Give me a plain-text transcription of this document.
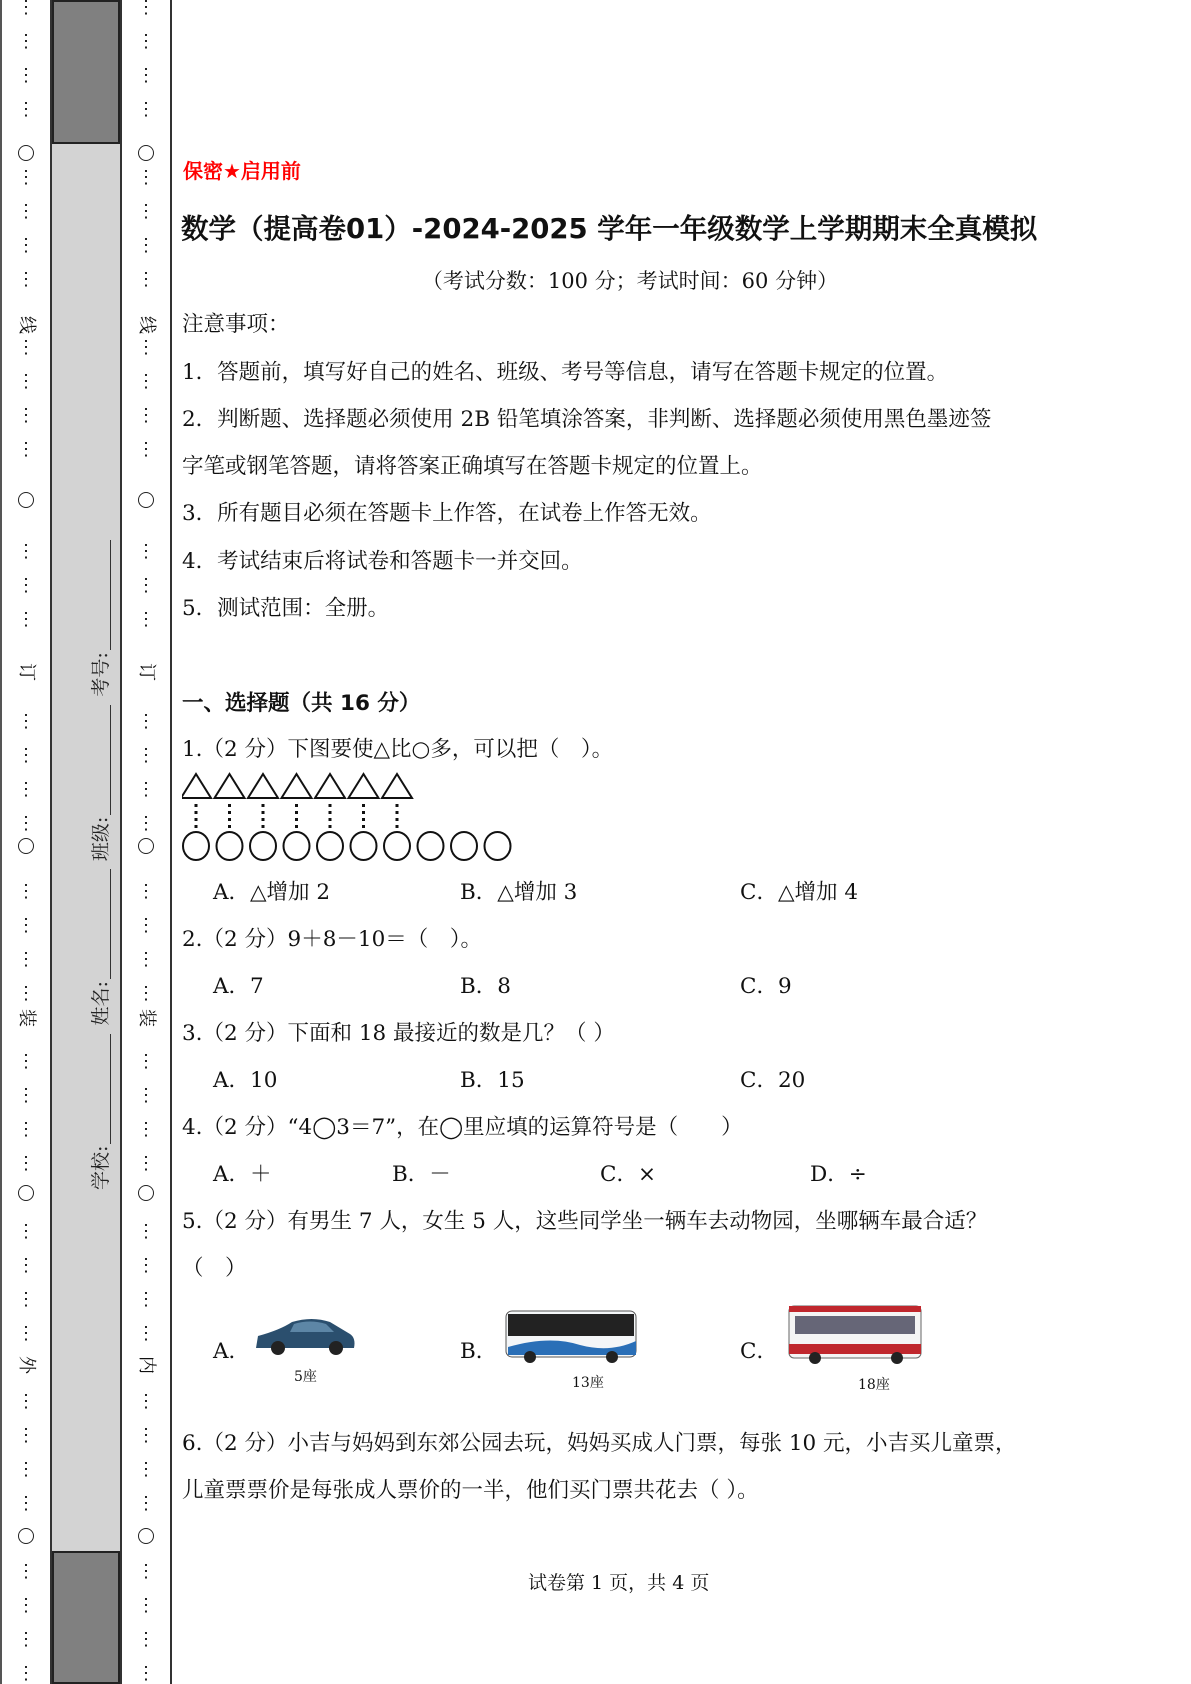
⋮
⋮
⋮
⋮
⋮
⋮
⋮
⋮
⋮
⋮
⋮
⋮
⋮
⋮
⋮
⋮
⋮
⋮
⋮
⋮
⋮
⋮
⋮
⋮
⋮
⋮
⋮
⋮
⋮
⋮
⋮
⋮
⋮
⋮
⋮
⋮
⋮
⋮
⋮
线
订
装
外
⋮
⋮
⋮
⋮
⋮
⋮
⋮
⋮
⋮
⋮
⋮
⋮
⋮
⋮
⋮
⋮
⋮
⋮
⋮
⋮
⋮
⋮
⋮
⋮
⋮
⋮
⋮
⋮
⋮
⋮
⋮
⋮
⋮
⋮
⋮
⋮
⋮
⋮
⋮
线
订
装
内
学校: 姓名: 班级: 考号:
保密★启用前
数学（提高卷01）-2024-2025 学年一年级数学上学期期末全真模拟
（考试分数：100 分；考试时间：60 分钟）
注意事项：
1．答题前，填写好自己的姓名、班级、考号等信息，请写在答题卡规定的位置。
2．判断题、选择题必须使用 2B 铅笔填涂答案，非判断、选择题必须使用黑色墨迹签
字笔或钢笔答题，请将答案正确填写在答题卡规定的位置上。
3．所有题目必须在答题卡上作答，在试卷上作答无效。
4．考试结束后将试卷和答题卡一并交回。
5．测试范围：全册。
一、选择题（共 16 分）
1.（2 分）下图要使△比○多，可以把（　）。
A．△增加 2	B．△增加 3	C．△增加 4
2.（2 分）9＋8－10＝（　）。
A．7	B．8	C．9
3.（2 分）下面和 18 最接近的数是几？（ ）
A．10	B．15	C．20
4.（2 分）“4◯3＝7”，在◯里应填的运算符号是（　　）
A．＋	B．－	C．×	D．÷
5.（2 分）有男生 7 人，女生 5 人，这些同学坐一辆车去动物园，坐哪辆车最合适？
（　）
A．
5座
B．
13座
C．
18座
6.（2 分）小吉与妈妈到东郊公园去玩，妈妈买成人门票，每张 10 元，小吉买儿童票，
儿童票票价是每张成人票价的一半，他们买门票共花去（ ）。
试卷第 1 页，共 4 页
